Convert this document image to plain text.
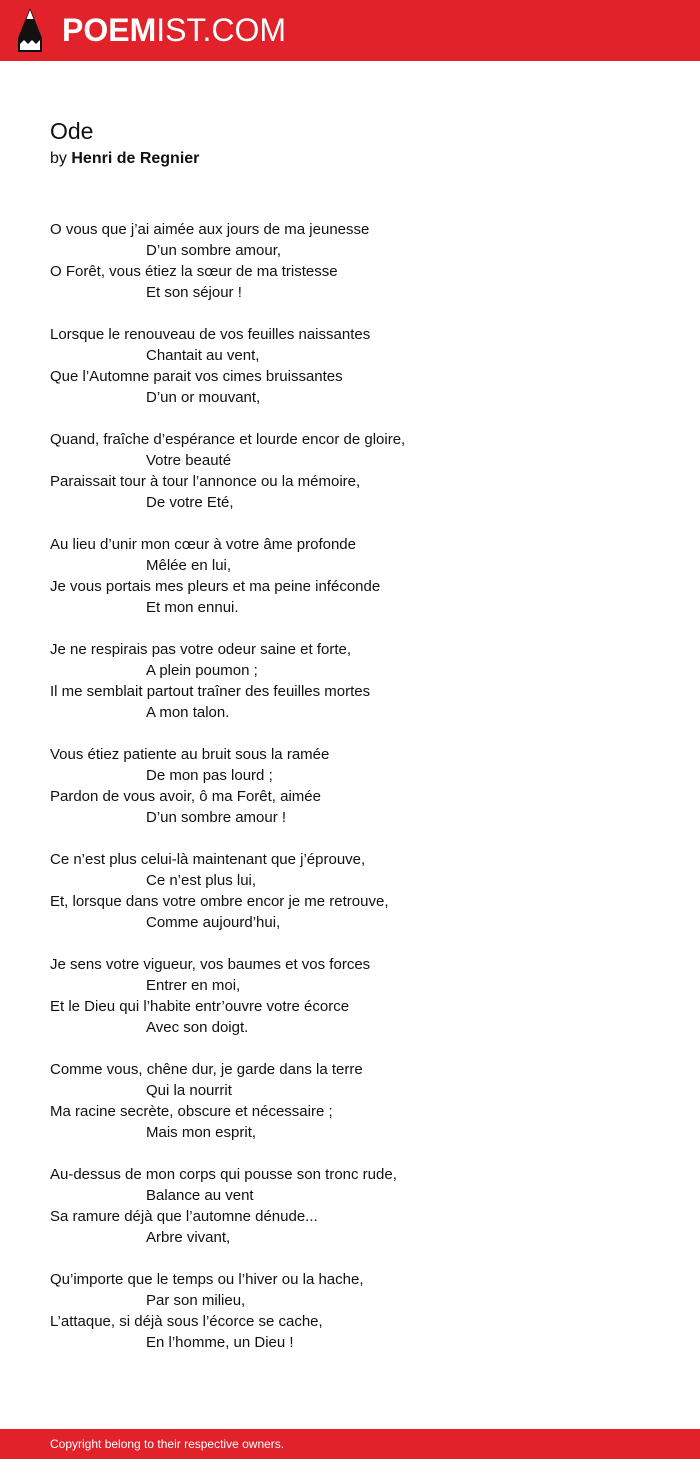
POEMIST.COM
Ode
by Henri de Regnier
O vous que j’ai aimée aux jours de ma jeunesse
D’un sombre amour,
O Forêt, vous étiez la sœur de ma tristesse
Et son séjour !
Lorsque le renouveau de vos feuilles naissantes
Chantait au vent,
Que l’Automne parait vos cimes bruissantes
D’un or mouvant,
Quand, fraîche d’espérance et lourde encor de gloire,
Votre beauté
Paraissait tour à tour l’annonce ou la mémoire,
De votre Eté,
Au lieu d’unir mon cœur à votre âme profonde
Mêlée en lui,
Je vous portais mes pleurs et ma peine inféconde
Et mon ennui.
Je ne respirais pas votre odeur saine et forte,
A plein poumon ;
Il me semblait partout traîner des feuilles mortes
A mon talon.
Vous étiez patiente au bruit sous la ramée
De mon pas lourd ;
Pardon de vous avoir, ô ma Forêt, aimée
D’un sombre amour !
Ce n’est plus celui-là maintenant que j’éprouve,
Ce n’est plus lui,
Et, lorsque dans votre ombre encor je me retrouve,
Comme aujourd’hui,
Je sens votre vigueur, vos baumes et vos forces
Entrer en moi,
Et le Dieu qui l’habite entr’ouvre votre écorce
Avec son doigt.
Comme vous, chêne dur, je garde dans la terre
Qui la nourrit
Ma racine secrète, obscure et nécessaire ;
Mais mon esprit,
Au-dessus de mon corps qui pousse son tronc rude,
Balance au vent
Sa ramure déjà que l’automne dénude...
Arbre vivant,
Qu’importe que le temps ou l’hiver ou la hache,
Par son milieu,
L’attaque, si déjà sous l’écorce se cache,
En l’homme, un Dieu !
Copyright belong to their respective owners.
